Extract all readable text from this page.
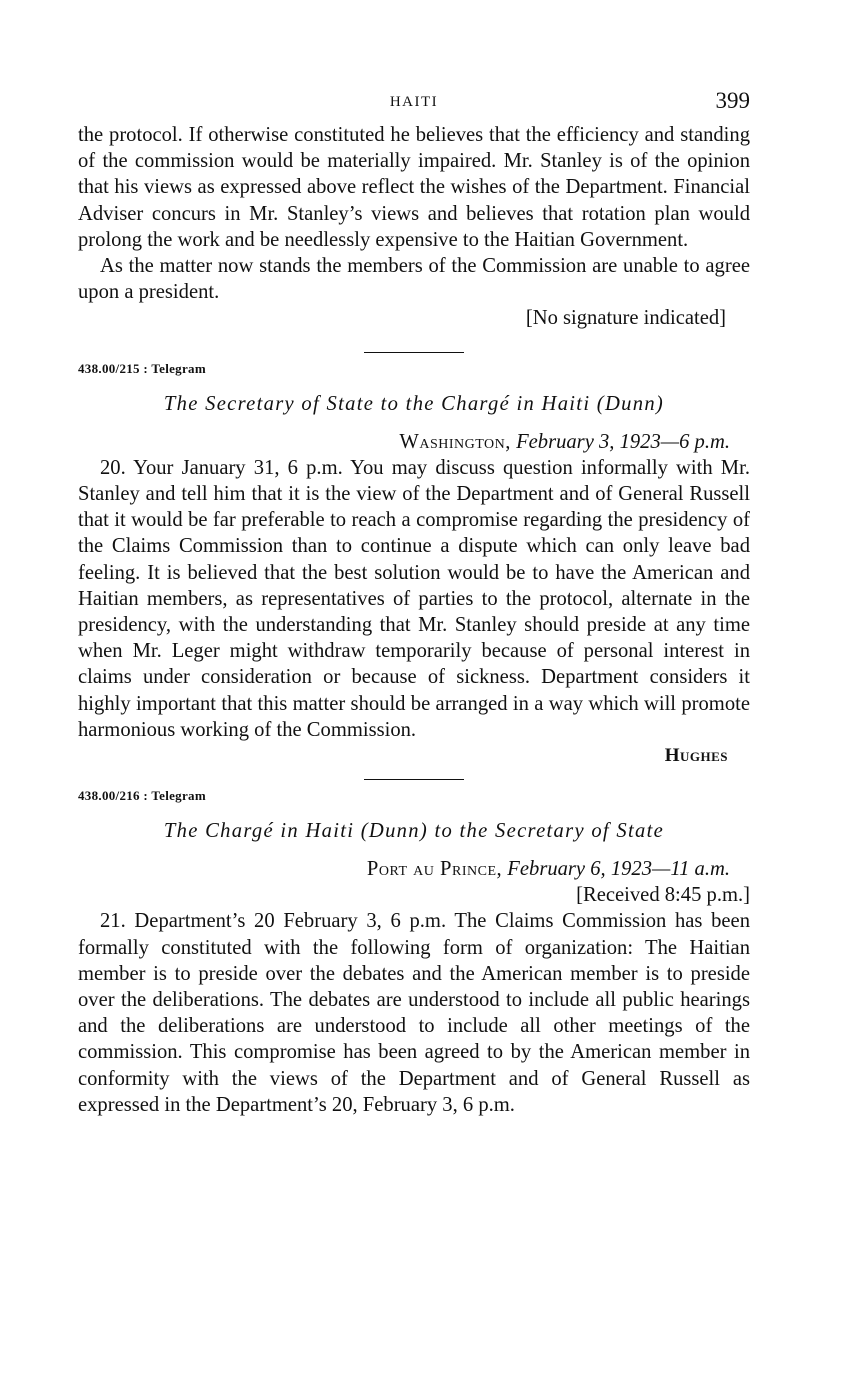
HAITI	399

the protocol. If otherwise constituted he believes that the efficiency and standing of the commission would be materially impaired. Mr. Stanley is of the opinion that his views as expressed above reflect the wishes of the Department. Financial Adviser concurs in Mr. Stanley’s views and believes that rotation plan would prolong the work and be needlessly expensive to the Haitian Government.

As the matter now stands the members of the Commission are unable to agree upon a president.

[No signature indicated]
438.00/215 : Telegram
The Secretary of State to the Chargé in Haiti (Dunn)
Washington, February 3, 1923—6 p.m.

20. Your January 31, 6 p.m. You may discuss question informally with Mr. Stanley and tell him that it is the view of the Department and of General Russell that it would be far preferable to reach a compromise regarding the presidency of the Claims Commission than to continue a dispute which can only leave bad feeling. It is believed that the best solution would be to have the American and Haitian members, as representatives of parties to the protocol, alternate in the presidency, with the understanding that Mr. Stanley should preside at any time when Mr. Leger might withdraw temporarily because of personal interest in claims under consideration or because of sickness. Department considers it highly important that this matter should be arranged in a way which will promote harmonious working of the Commission.

Hughes
438.00/216 : Telegram
The Chargé in Haiti (Dunn) to the Secretary of State
Port au Prince, February 6, 1923—11 a.m.
[Received 8:45 p.m.]

21. Department’s 20 February 3, 6 p.m. The Claims Commission has been formally constituted with the following form of organization: The Haitian member is to preside over the debates and the American member is to preside over the deliberations. The debates are understood to include all public hearings and the deliberations are understood to include all other meetings of the commission. This compromise has been agreed to by the American member in conformity with the views of the Department and of General Russell as expressed in the Department’s 20, February 3, 6 p.m.
